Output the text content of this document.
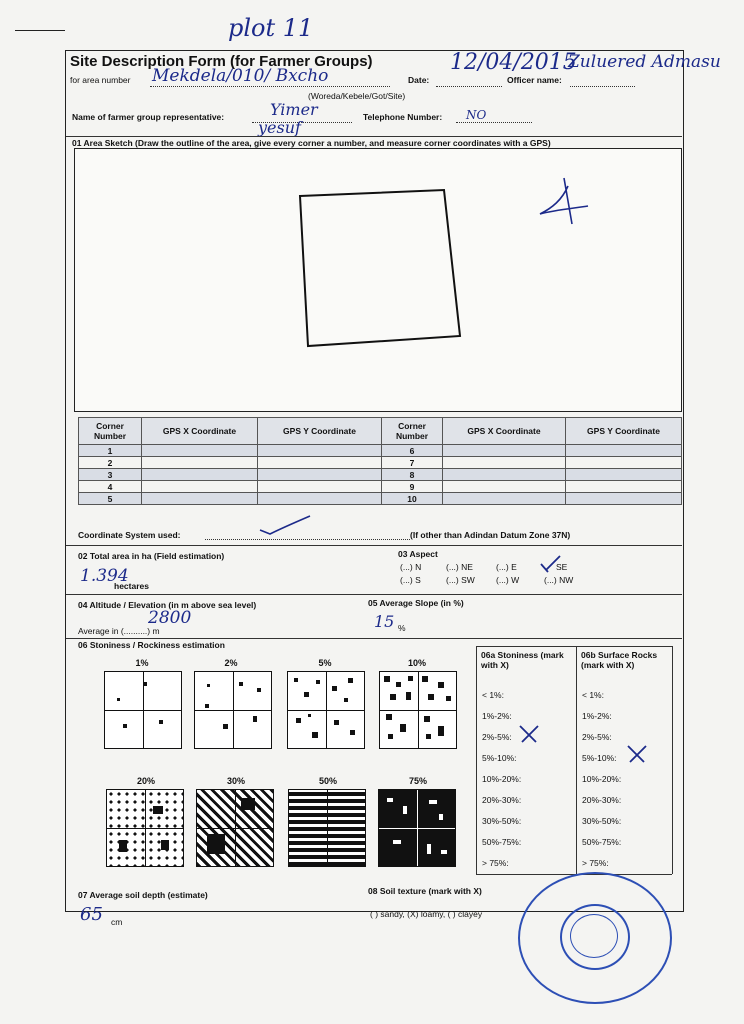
plot 11
Site Description Form (for Farmer Groups)
for area number Mekdela/010/ Bxcho	Date:
12/04/2015
Officer name:
Zuluered Admasu
(Woreda/Kebele/Got/Site)
Name of farmer group representative:	Yimer
yesuf
Telephone Number: NO
01 Area Sketch (Draw the outline of the area, give every corner a number, and measure corner coordinates with a GPS)
Corner Number	GPS X Coordinate	GPS Y Coordinate	Corner Number	GPS X Coordinate	GPS Y Coordinate
1			6		
2			7		
3			8		
4			9		
5			10		
Coordinate System used:	(If other than Adindan Datum Zone 37N)
02 Total area in ha (Field estimation)
1.394
hectares
03 Aspect
(...) N	(...) NE	(...) E	SE
(...) S	(...) SW (...) W	(...) NW
04 Altitude / Elevation (in m above sea level)
2800
Average in (..........) m
05 Average Slope (in %)
15 %
06 Stoniness / Rockiness estimation
1%	2%	5%	10%
20%	30%	50%	75%
06a Stoniness (mark with X)
06b Surface Rocks (mark with X)
< 1%:
1%-2%:
2%-5%:
5%-10%:
10%-20%:
20%-30%:
30%-50%:
50%-75%:
> 75%:
< 1%:
1%-2%:
2%-5%:
5%-10%:
10%-20%:
20%-30%:
30%-50%:
50%-75%:
> 75%:
07 Average soil depth (estimate)
65 cm
08 Soil texture (mark with X)
( ) sandy, (X) loamy, ( ) clayey
